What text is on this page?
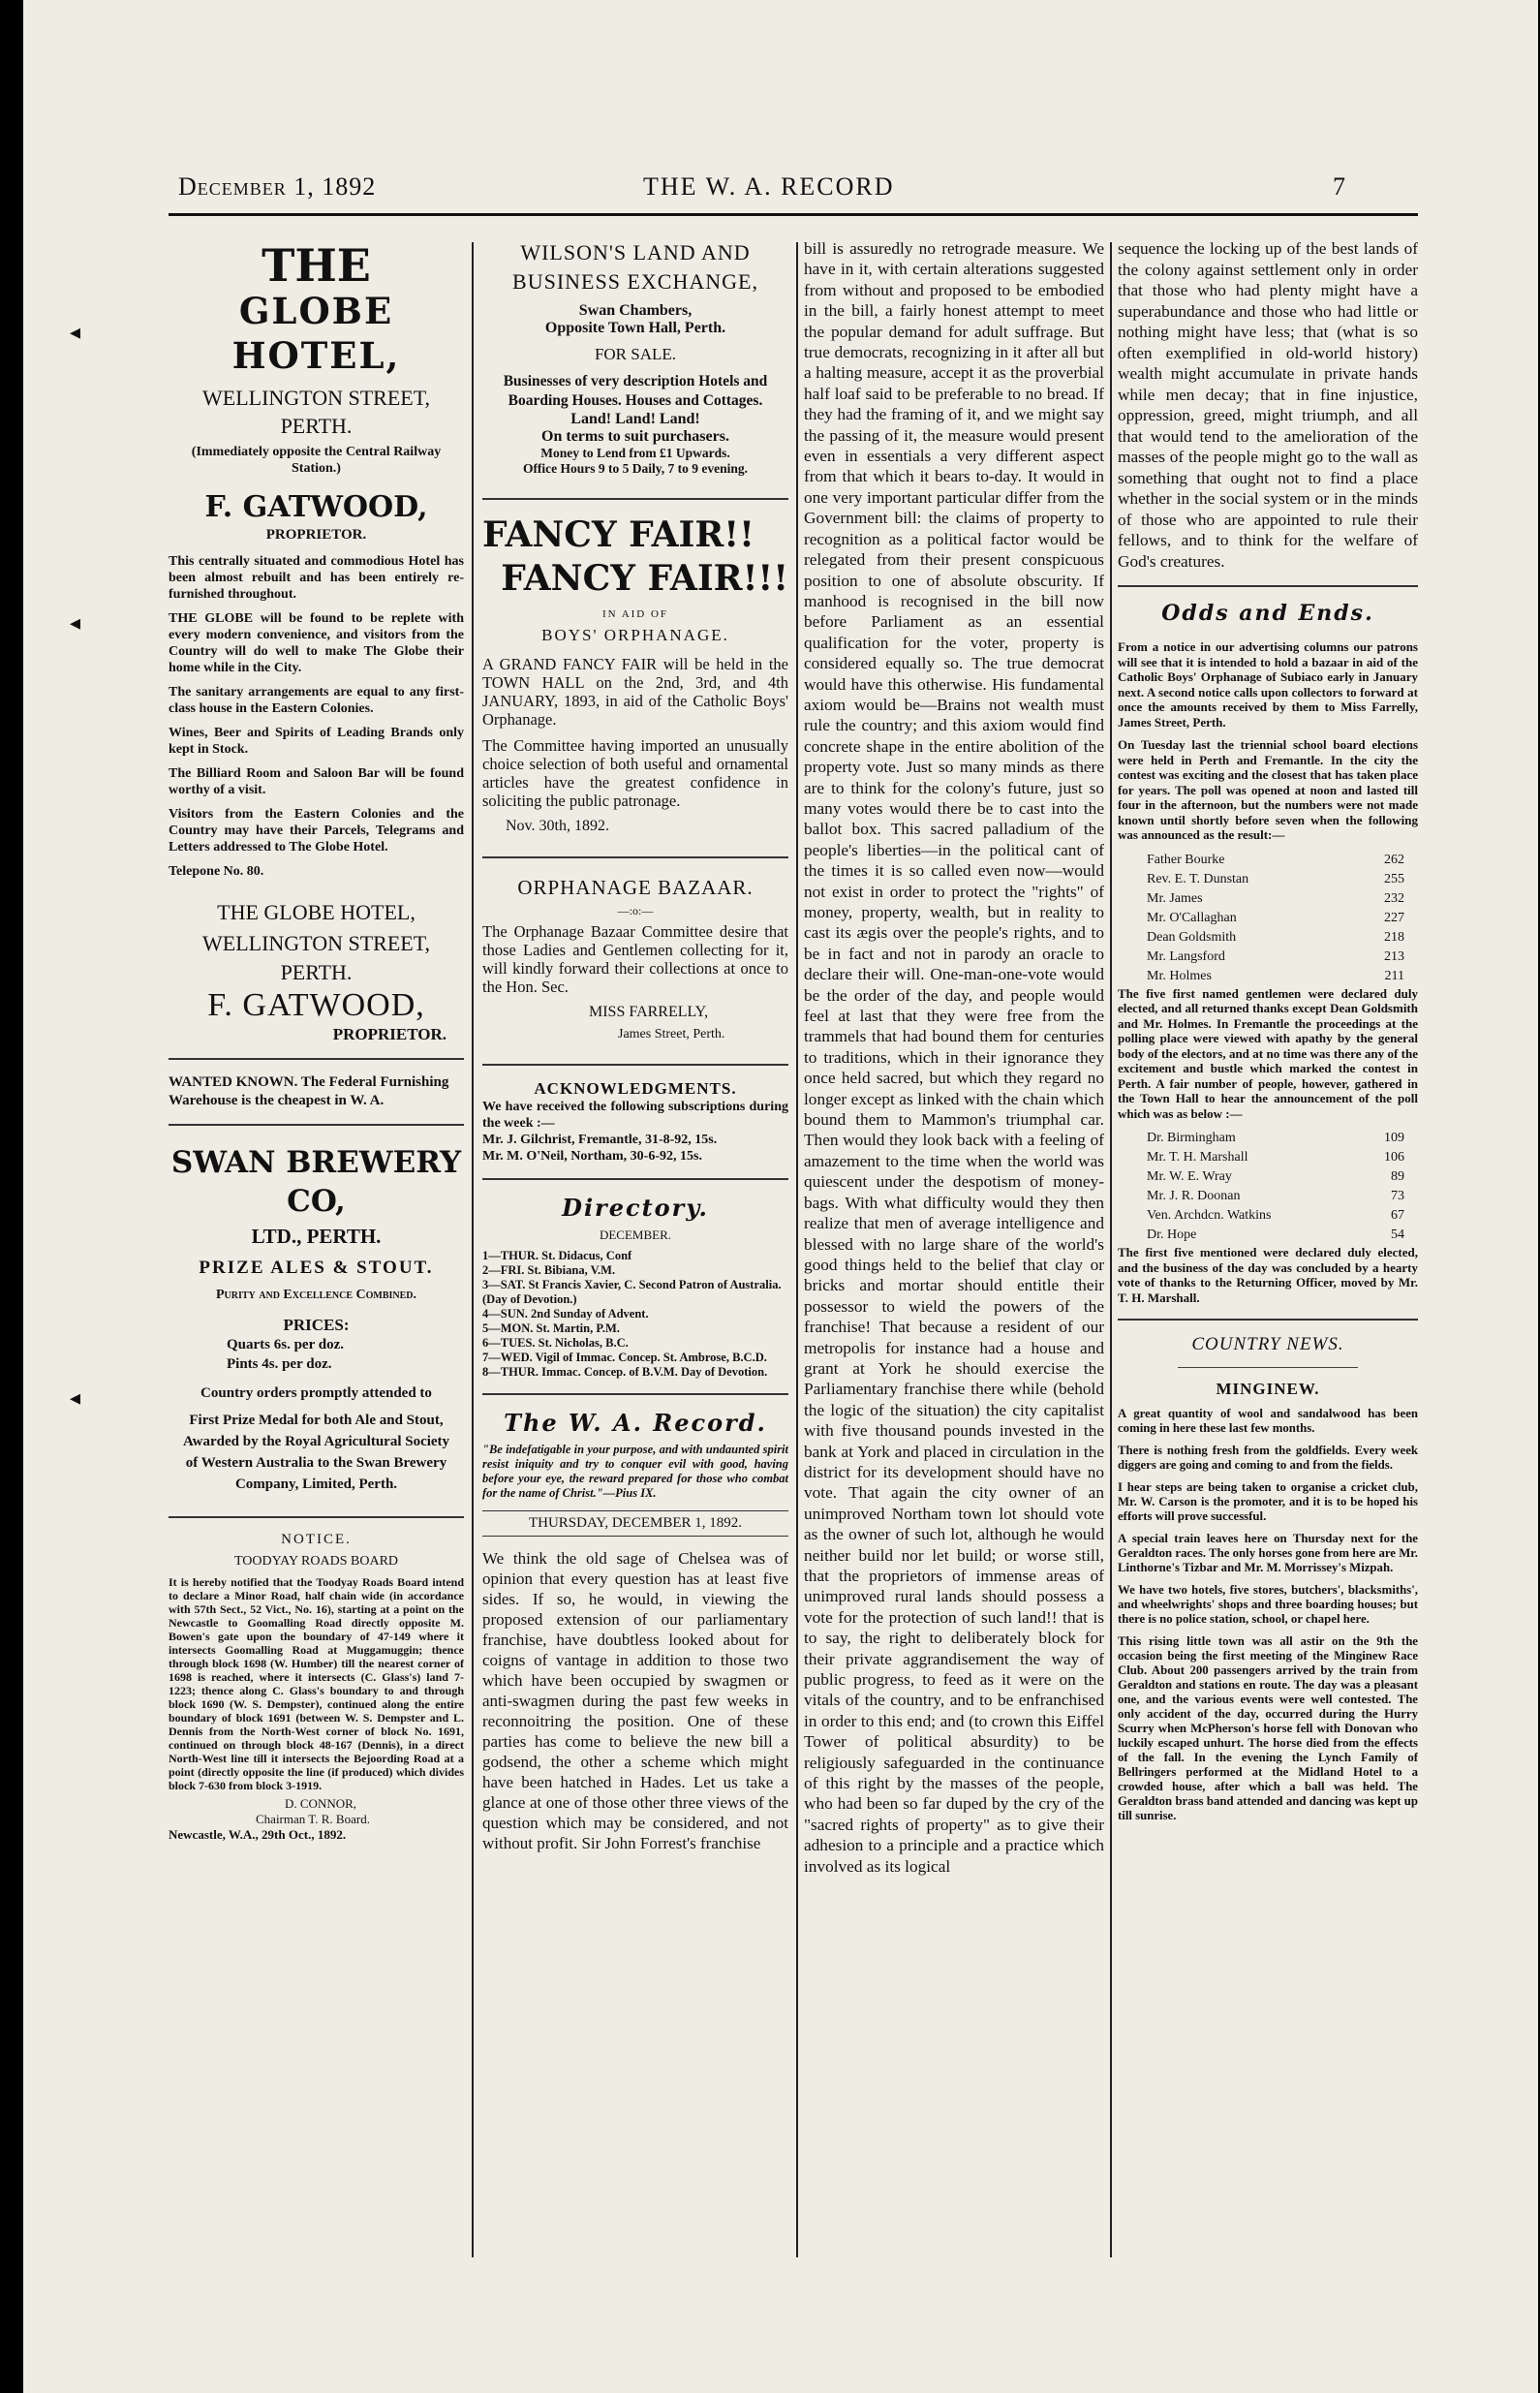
December 1, 1892	THE W. A. RECORD	7
◂
◂
◂
THE
GLOBE HOTEL,
WELLINGTON STREET,
PERTH.
(Immediately opposite the Central Railway Station.)
F. GATWOOD,
PROPRIETOR.

This centrally situated and commodious Hotel has been almost rebuilt and has been entirely re-furnished throughout.

THE GLOBE will be found to be replete with every modern convenience, and visitors from the Country will do well to make The Globe their home while in the City.

The sanitary arrangements are equal to any first-class house in the Eastern Colonies.

Wines, Beer and Spirits of Leading Brands only kept in Stock.

The Billiard Room and Saloon Bar will be found worthy of a visit.

Visitors from the Eastern Colonies and the Country may have their Parcels, Telegrams and Letters addressed to The Globe Hotel.

Telepone No. 80.
THE GLOBE HOTEL,
WELLINGTON STREET,
PERTH.
F. GATWOOD,
PROPRIETOR.
WANTED KNOWN. The Federal Furnishing Warehouse is the cheapest in W. A.
SWAN BREWERY CO,
LTD., PERTH.
PRIZE ALES & STOUT.
Purity and Excellence Combined.
PRICES:
Quarts 6s. per doz.
Pints 4s. per doz.
Country orders promptly attended to
First Prize Medal for both Ale and Stout, Awarded by the Royal Agricultural Society of Western Australia to the Swan Brewery Company, Limited, Perth.
NOTICE.
TOODYAY ROADS BOARD
It is hereby notified that the Toodyay Roads Board intend to declare a Minor Road, half chain wide (in accordance with 57th Sect., 52 Vict., No. 16), starting at a point on the Newcastle to Goomalling Road directly opposite M. Bowen's gate upon the boundary of 47-149 where it intersects Goomalling Road at Muggamuggin; thence through block 1698 (W. Humber) till the nearest corner of 1698 is reached, where it intersects (C. Glass's) land 7-1223; thence along C. Glass's boundary to and through block 1690 (W. S. Dempster), continued along the entire boundary of block 1691 (between W. S. Dempster and L. Dennis from the North-West corner of block No. 1691, continued on through block 48-167 (Dennis), in a direct North-West line till it intersects the Bejoording Road at a point (directly opposite the line (if produced) which divides block 7-630 from block 3-1919.
D. CONNOR,
Chairman T. R. Board.
Newcastle, W.A., 29th Oct., 1892.
WILSON'S LAND AND BUSINESS EXCHANGE,
Swan Chambers,
Opposite Town Hall, Perth.
FOR SALE.
Businesses of very description Hotels and Boarding Houses. Houses and Cottages.
Land! Land! Land!
On terms to suit purchasers.
Money to Lend from £1 Upwards.
Office Hours 9 to 5 Daily, 7 to 9 evening.
FANCY FAIR!!
FANCY FAIR!!!
IN AID OF
BOYS' ORPHANAGE.

A GRAND FANCY FAIR will be held in the TOWN HALL on the 2nd, 3rd, and 4th JANUARY, 1893, in aid of the Catholic Boys' Orphanage.

The Committee having imported an unusually choice selection of both useful and ornamental articles have the greatest confidence in soliciting the public patronage.

Nov. 30th, 1892.
ORPHANAGE BAZAAR.
—:o:—

The Orphanage Bazaar Committee desire that those Ladies and Gentlemen collecting for it, will kindly forward their collections at once to the Hon. Sec.

MISS FARRELLY,
James Street, Perth.
ACKNOWLEDGMENTS.
We have received the following subscriptions during the week :—
Mr. J. Gilchrist, Fremantle, 31-8-92, 15s.
Mr. M. O'Neil, Northam, 30-6-92, 15s.
Directory.
DECEMBER.
1—THUR. St. Didacus, Conf
2—FRI. St. Bibiana, V.M.
3—SAT. St Francis Xavier, C. Second Patron of Australia. (Day of Devotion.)
4—SUN. 2nd Sunday of Advent.
5—MON. St. Martin, P.M.
6—TUES. St. Nicholas, B.C.
7—WED. Vigil of Immac. Concep. St. Ambrose, B.C.D.
8—THUR. Immac. Concep. of B.V.M. Day of Devotion.
The W. A. Record.
"Be indefatigable in your purpose, and with undaunted spirit resist iniquity and try to conquer evil with good, having before your eye, the reward prepared for those who combat for the name of Christ."—Pius IX.
THURSDAY, DECEMBER 1, 1892.
We think the old sage of Chelsea was of opinion that every question has at least five sides. If so, he would, in viewing the proposed extension of our parliamentary franchise, have doubtless looked about for coigns of vantage in addition to those two which have been occupied by swagmen or anti-swagmen during the past few weeks in reconnoitring the position. One of these parties has come to believe the new bill a godsend, the other a scheme which might have been hatched in Hades. Let us take a glance at one of those other three views of the question which may be considered, and not without profit. Sir John Forrest's franchise
bill is assuredly no retrograde measure. We have in it, with certain alterations suggested from without and proposed to be embodied in the bill, a fairly honest attempt to meet the popular demand for adult suffrage. But true democrats, recognizing in it after all but a halting measure, accept it as the proverbial half loaf said to be preferable to no bread. If they had the framing of it, and we might say the passing of it, the measure would present even in essentials a very different aspect from that which it bears to-day. It would in one very important particular differ from the Government bill: the claims of property to recognition as a political factor would be relegated from their present conspicuous position to one of absolute obscurity. If manhood is recognised in the bill now before Parliament as an essential qualification for the voter, property is considered equally so. The true democrat would have this otherwise. His fundamental axiom would be—Brains not wealth must rule the country; and this axiom would find concrete shape in the entire abolition of the property vote. Just so many minds as there are to think for the colony's future, just so many votes would there be to cast into the ballot box. This sacred palladium of the people's liberties—in the political cant of the times it is so called even now—would not exist in order to protect the "rights" of money, property, wealth, but in reality to cast its ægis over the people's rights, and to be in fact and not in parody an oracle to declare their will. One-man-one-vote would be the order of the day, and people would feel at last that they were free from the trammels that had bound them for centuries to traditions, which in their ignorance they once held sacred, but which they regard no longer except as linked with the chain which bound them to Mammon's triumphal car. Then would they look back with a feeling of amazement to the time when the world was quiescent under the despotism of money-bags. With what difficulty would they then realize that men of average intelligence and blessed with no large share of the world's good things held to the belief that clay or bricks and mortar should entitle their possessor to wield the powers of the franchise! That because a resident of our metropolis for instance had a house and grant at York he should exercise the Parliamentary franchise there while (behold the logic of the situation) the city capitalist with five thousand pounds invested in the bank at York and placed in circulation in the district for its development should have no vote. That again the city owner of an unimproved Northam town lot should vote as the owner of such lot, although he would neither build nor let build; or worse still, that the proprietors of immense areas of unimproved rural lands should possess a vote for the protection of such land!! that is to say, the right to deliberately block for their private aggrandisement the way of public progress, to feed as it were on the vitals of the country, and to be enfranchised in order to this end; and (to crown this Eiffel Tower of political absurdity) to be religiously safeguarded in the continuance of this right by the masses of the people, who had been so far duped by the cry of the "sacred rights of property" as to give their adhesion to a principle and a practice which involved as its logical
sequence the locking up of the best lands of the colony against settlement only in order that those who had plenty might have a superabundance and those who had little or nothing might have less; that (what is so often exemplified in old-world history) wealth might accumulate in private hands while men decay; that in fine injustice, oppression, greed, might triumph, and all that would tend to the amelioration of the masses of the people might go to the wall as something that ought not to find a place whether in the social system or in the minds of those who are appointed to rule their fellows, and to think for the welfare of God's creatures.
Odds and Ends.

From a notice in our advertising columns our patrons will see that it is intended to hold a bazaar in aid of the Catholic Boys' Orphanage of Subiaco early in January next. A second notice calls upon collectors to forward at once the amounts received by them to Miss Farrelly, James Street, Perth.

On Tuesday last the triennial school board elections were held in Perth and Fremantle. In the city the contest was exciting and the closest that has taken place for years. The poll was opened at noon and lasted till four in the afternoon, but the numbers were not made known until shortly before seven when the following was announced as the result:—

Father Bourke	262
Rev. E. T. Dunstan	255
Mr. James	232
Mr. O'Callaghan	227
Dean Goldsmith	218
Mr. Langsford	213
Mr. Holmes	211

The five first named gentlemen were declared duly elected, and all returned thanks except Dean Goldsmith and Mr. Holmes. In Fremantle the proceedings at the polling place were viewed with apathy by the general body of the electors, and at no time was there any of the excitement and bustle which marked the contest in Perth. A fair number of people, however, gathered in the Town Hall to hear the announcement of the poll which was as below :—

Dr. Birmingham	109
Mr. T. H. Marshall	106
Mr. W. E. Wray	89
Mr. J. R. Doonan	73
Ven. Archdcn. Watkins	67
Dr. Hope	54

The first five mentioned were declared duly elected, and the business of the day was concluded by a hearty vote of thanks to the Returning Officer, moved by Mr. T. H. Marshall.

COUNTRY NEWS.
MINGINEW.

A great quantity of wool and sandalwood has been coming in here these last few months.

There is nothing fresh from the goldfields. Every week diggers are going and coming to and from the fields.

I hear steps are being taken to organise a cricket club, Mr. W. Carson is the promoter, and it is to be hoped his efforts will prove successful.

A special train leaves here on Thursday next for the Geraldton races. The only horses gone from here are Mr. Linthorne's Tizbar and Mr. M. Morrissey's Mizpah.

We have two hotels, five stores, butchers', blacksmiths', and wheelwrights' shops and three boarding houses; but there is no police station, school, or chapel here.

This rising little town was all astir on the 9th the occasion being the first meeting of the Minginew Race Club. About 200 passengers arrived by the train from Geraldton and stations en route. The day was a pleasant one, and the various events were well contested. The only accident of the day, occurred during the Hurry Scurry when McPherson's horse fell with Donovan who luckily escaped unhurt. The horse died from the effects of the fall. In the evening the Lynch Family of Bellringers performed at the Midland Hotel to a crowded house, after which a ball was held. The Geraldton brass band attended and dancing was kept up till sunrise.
